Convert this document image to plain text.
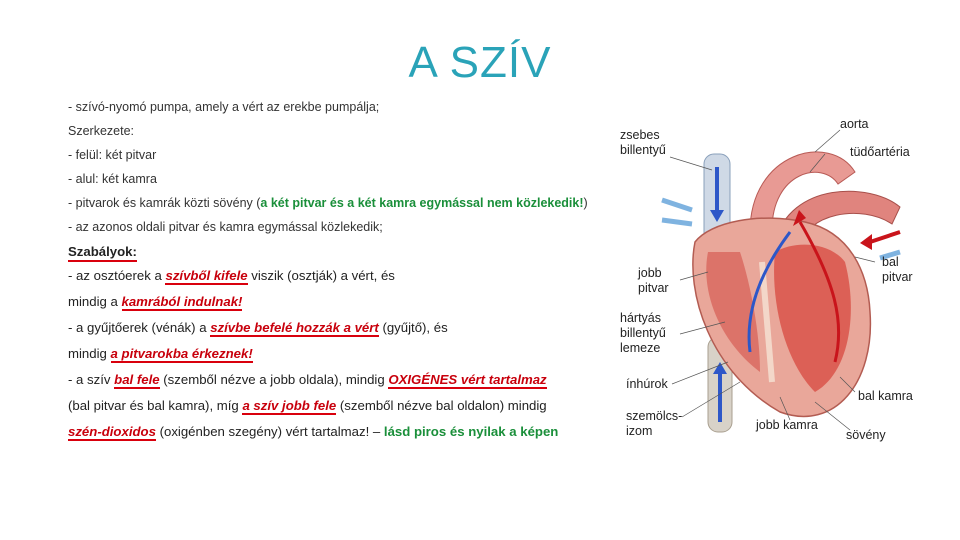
A SZÍV
- szívó-nyomó pumpa, amely a vért az erekbe pumpálja;
Szerkezete:
- felül: két pitvar
- alul: két kamra
- pitvarok és kamrák közti sövény (a két pitvar és a két kamra egymással nem közlekedik!)
- az azonos oldali pitvar és kamra egymással közlekedik;
Szabályok:
- az osztóerek a szívből kifele viszik (osztják) a vért, és
mindig a kamrából indulnak!
- a gyűjtőerek (vénák) a szívbe befelé hozzák a vért (gyűjtő), és
mindig a pitvarokba érkeznek!
- a szív bal fele (szemből nézve a jobb oldala), mindig OXIGÉNES vért tartalmaz
(bal pitvar és bal kamra), míg a szív jobb fele (szemből nézve bal oldalon) mindig
szén-dioxidos (oxigénben szegény) vért tartalmaz! – lásd piros és nyilak a képen
zsebes
billentyű
aorta
tüdőartéria
jobb
pitvar
bal
pitvar
hártyás
billentyű
lemeze
ínhúrok
bal kamra
szemölcs-
izom	jobb kamra
sövény
